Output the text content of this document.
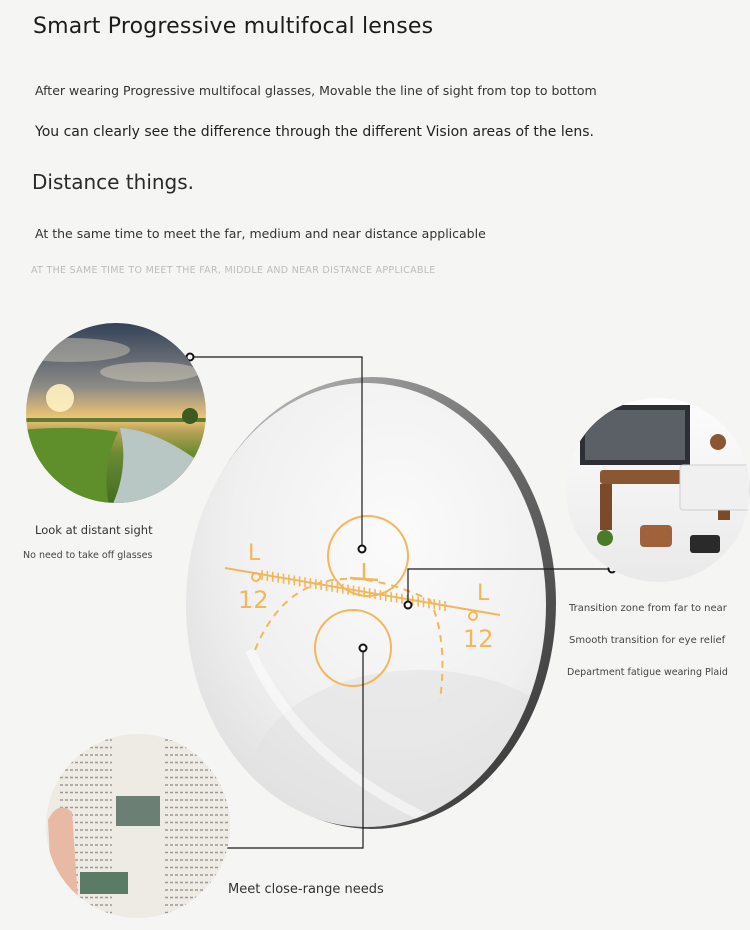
Smart Progressive multifocal lenses
After wearing Progressive multifocal glasses, Movable the line of sight from top to bottom
You can clearly see the difference through the different Vision areas of the lens.
Distance things.
At the same time to meet the far, medium and near distance applicable
AT THE SAME TIME TO MEET THE FAR, MIDDLE AND NEAR DISTANCE APPLICABLE
L
12	L
12
Look at distant sight
No need to take off glasses
Transition zone from far to near
Smooth transition for eye relief
Department fatigue wearing Plaid
Meet close-range needs
